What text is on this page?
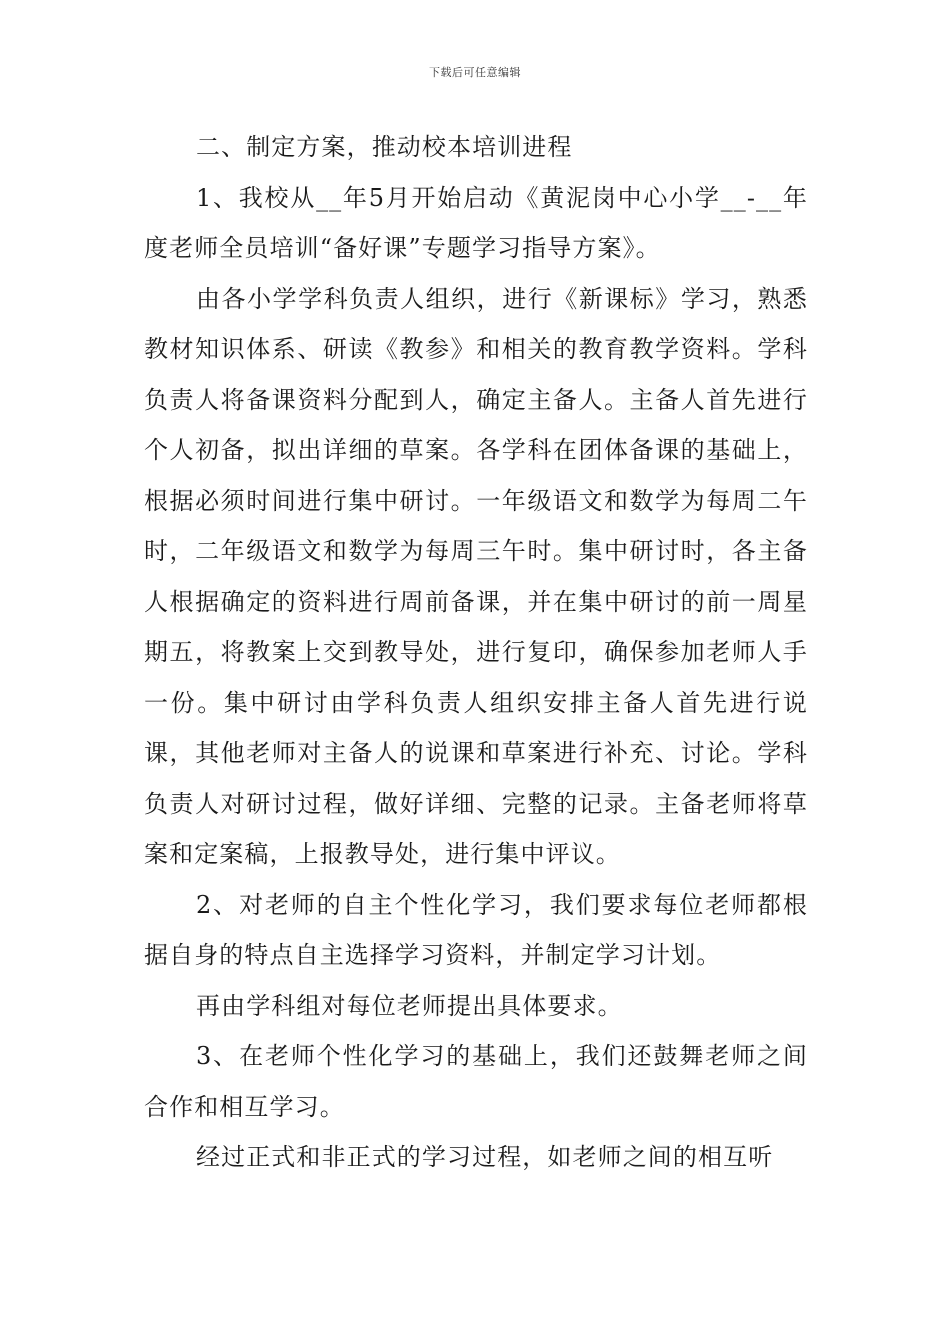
下载后可任意编辑

二、制定方案，推动校本培训进程

1、我校从__年5月开始启动《黄泥岗中心小学__-__年度老师全员培训“备好课”专题学习指导方案》。

由各小学学科负责人组织，进行《新课标》学习，熟悉教材知识体系、研读《教参》和相关的教育教学资料。学科负责人将备课资料分配到人，确定主备人。主备人首先进行个人初备，拟出详细的草案。各学科在团体备课的基础上，根据必须时间进行集中研讨。一年级语文和数学为每周二午时，二年级语文和数学为每周三午时。集中研讨时，各主备人根据确定的资料进行周前备课，并在集中研讨的前一周星期五，将教案上交到教导处，进行复印，确保参加老师人手一份。集中研讨由学科负责人组织安排主备人首先进行说课，其他老师对主备人的说课和草案进行补充、讨论。学科负责人对研讨过程，做好详细、完整的记录。主备老师将草案和定案稿，上报教导处，进行集中评议。

2、对老师的自主个性化学习，我们要求每位老师都根据自身的特点自主选择学习资料，并制定学习计划。

再由学科组对每位老师提出具体要求。

3、在老师个性化学习的基础上，我们还鼓舞老师之间合作和相互学习。

经过正式和非正式的学习过程，如老师之间的相互听
